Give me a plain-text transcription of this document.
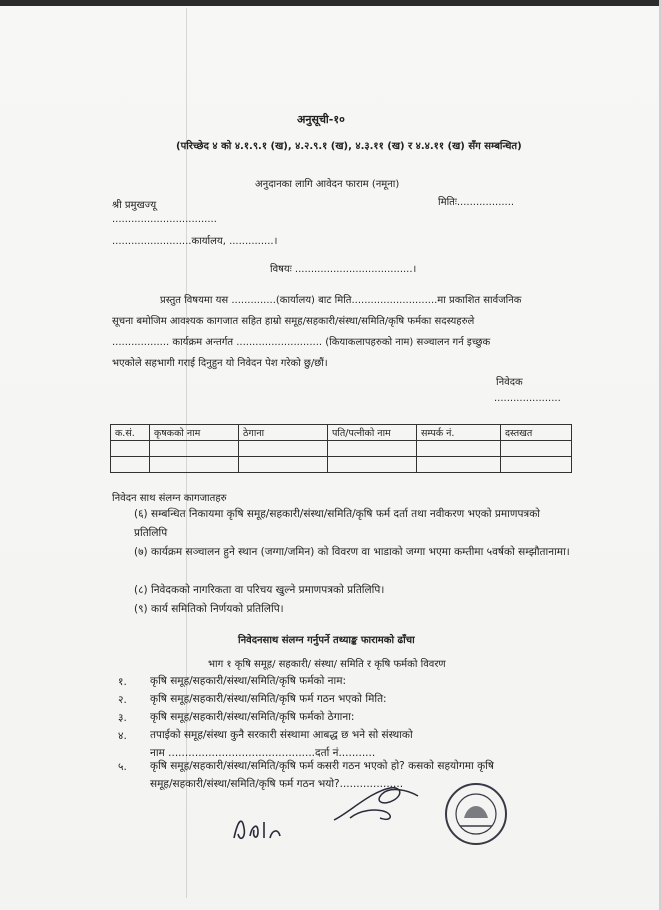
अनुसूची-१०
(परिच्छेद ४ को ४.१.९.१ (ख), ४.२.९.१ (ख), ४.३.११ (ख) र ४.४.११ (ख) सँग सम्बन्धित)
अनुदानका लागि आवेदन फाराम (नमूना)
श्री प्रमुखज्यू	मितिः..................
.................................
.........................कार्यालय, ..............।
विषयः .....................................।
प्रस्तुत विषयमा यस ..............(कार्यालय) बाट मिति...........................मा प्रकाशित सार्वजनिक
सूचना बमोजिम आवश्यक कागजात सहित हाम्रो समूह/सहकारी/संस्था/समिति/कृषि फर्मका सदस्यहरुले
.................. कार्यक्रम अन्तर्गत ........................... (कियाकलापहरुको नाम) सञ्चालन गर्न इच्छुक
भएकोले सहभागी गराई दिनुहुन यो निवेदन पेश गरेको छु/छौं।
निवेदक
.....................
क.सं.	कृषकको नाम	ठेगाना	पति/पत्नीको नाम	सम्पर्क नं.	दस्तखत

निवेदन साथ संलग्न कागजातहरु
(६) सम्बन्धित निकायमा कृषि समूह/सहकारी/संस्था/समिति/कृषि फर्म दर्ता तथा नवीकरण भएको प्रमाणपत्रको प्रतिलिपि
(७) कार्यक्रम सञ्चालन हुने स्थान (जग्गा/जमिन) को विवरण वा भाडाको जग्गा भएमा कम्तीमा ५वर्षको सम्झौतानामा।
(८) निवेदकको नागरिकता वा परिचय खुल्ने प्रमाणपत्रको प्रतिलिपि।
(९) कार्य समितिको निर्णयको प्रतिलिपि।
निवेदनसाथ संलग्न गर्नुपर्ने तथ्याङ्क फारामको ढाँचा
भाग १ कृषि समूह/ सहकारी/ संस्था/ समिति र कृषि फर्मको विवरण
१. कृषि समूह/सहकारी/संस्था/समिति/कृषि फर्मको नाम:
२. कृषि समूह/सहकारी/संस्था/समिति/कृषि फर्म गठन भएको मिति:
३. कृषि समूह/सहकारी/संस्था/समिति/कृषि फर्मको ठेगाना:
४. तपाईको समूह/संस्था कुनै सरकारी संस्थामा आबद्ध छ भने सो संस्थाको
नाम ............................................दर्ता नं...........
५. कृषि समूह/सहकारी/संस्था/समिति/कृषि फर्म कसरी गठन भएको हो? कसको सहयोगमा कृषि
समूह/सहकारी/संस्था/समिति/कृषि फर्म गठन भयो?...................
